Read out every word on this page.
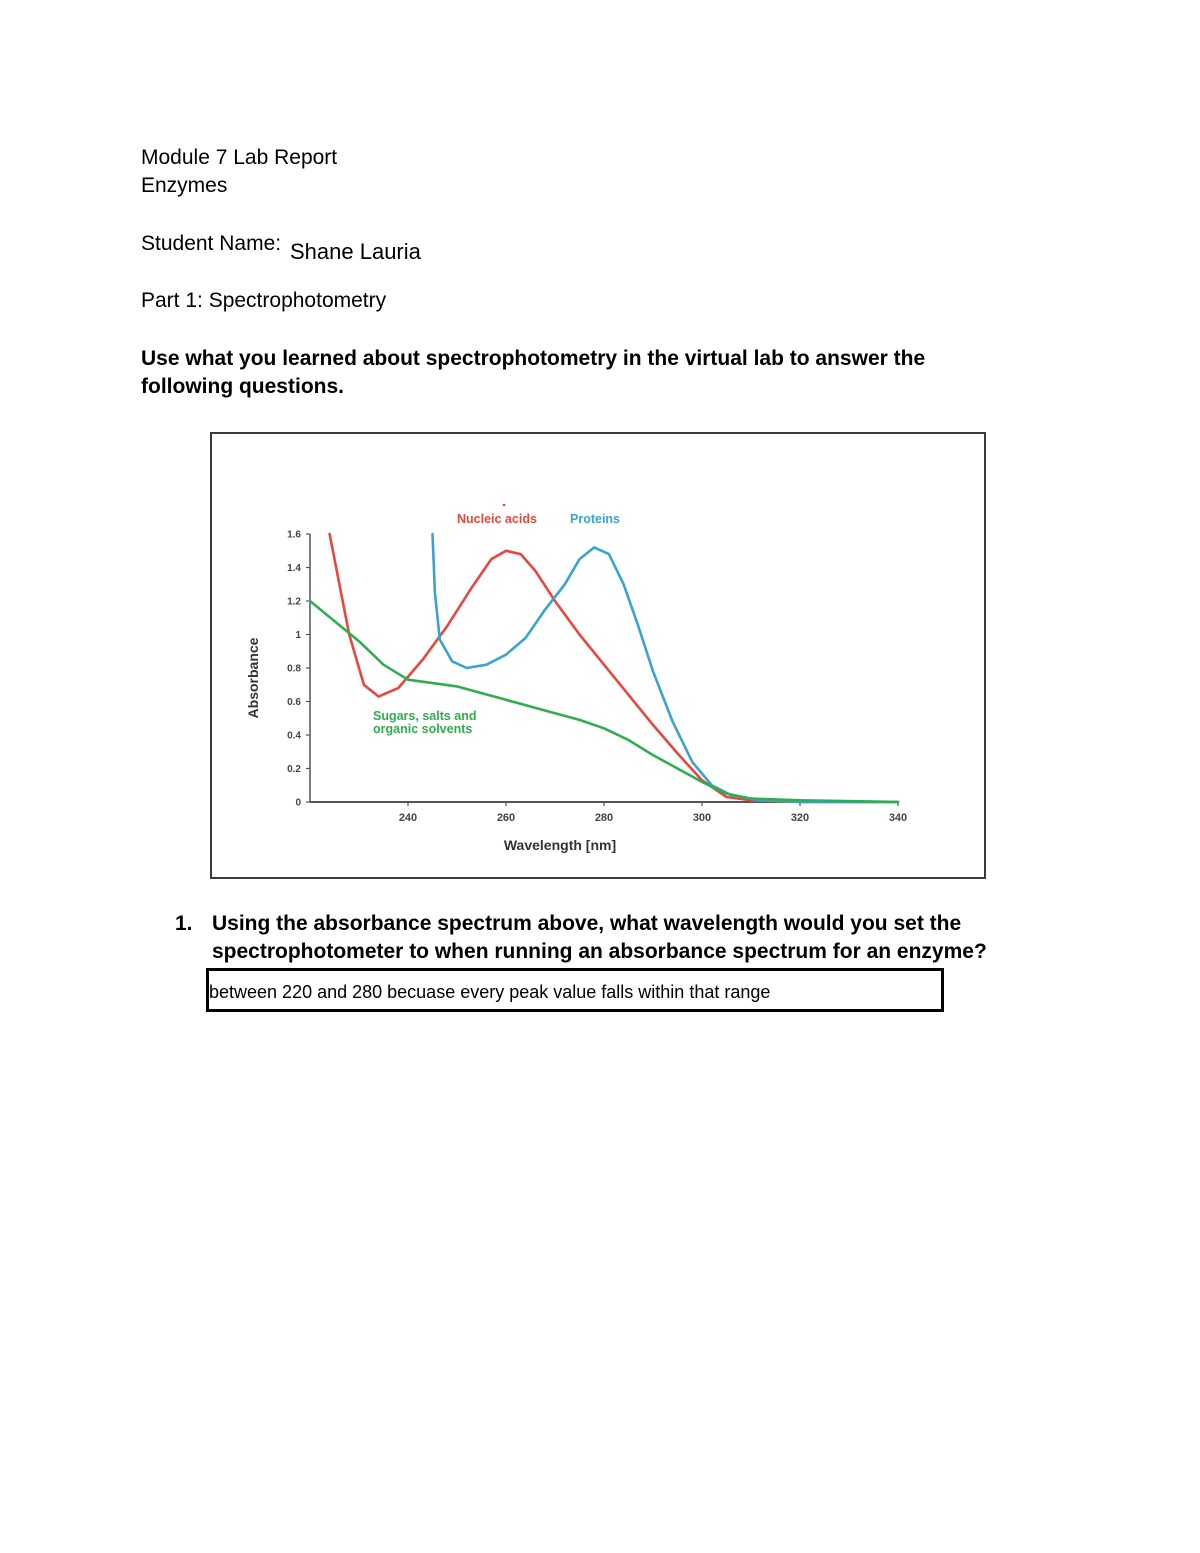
Module 7 Lab Report
Enzymes
Student Name: Shane Lauria
Part 1: Spectrophotometry
Use what you learned about spectrophotometry in the virtual lab to answer the following questions.
0
0.2
0.4
0.6
0.8
1
1.2
1.4
1.6
240	260	280	300	320	340
Wavelength [nm]
Absorbance
Nucleic acids	Proteins
Sugars, salts and
organic solvents
1. Using the absorbance spectrum above, what wavelength would you set the spectrophotometer to when running an absorbance spectrum for an enzyme?
between 220 and 280 becuase every peak value falls within that range
